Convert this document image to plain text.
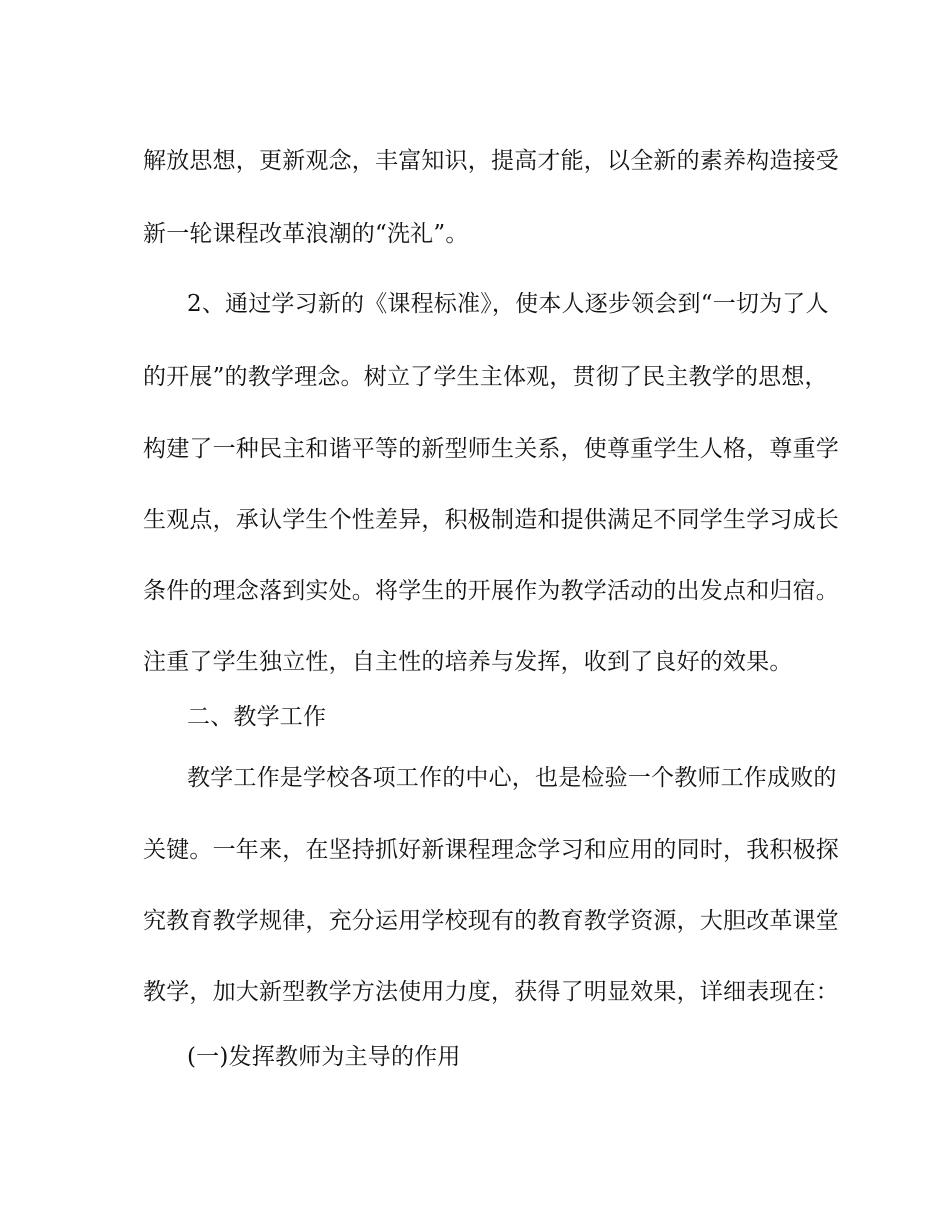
解放思想，更新观念，丰富知识，提高才能，以全新的素养构造接受
新一轮课程改革浪潮的“洗礼”。
2、通过学习新的《课程标准》，使本人逐步领会到“一切为了人
的开展”的教学理念。树立了学生主体观，贯彻了民主教学的思想，
构建了一种民主和谐平等的新型师生关系，使尊重学生人格，尊重学
生观点，承认学生个性差异，积极制造和提供满足不同学生学习成长
条件的理念落到实处。将学生的开展作为教学活动的出发点和归宿。
注重了学生独立性，自主性的培养与发挥，收到了良好的效果。
二、教学工作
教学工作是学校各项工作的中心，也是检验一个教师工作成败的
关键。一年来，在坚持抓好新课程理念学习和应用的同时，我积极探
究教育教学规律，充分运用学校现有的教育教学资源，大胆改革课堂
教学，加大新型教学方法使用力度，获得了明显效果，详细表现在：
(一)发挥教师为主导的作用
